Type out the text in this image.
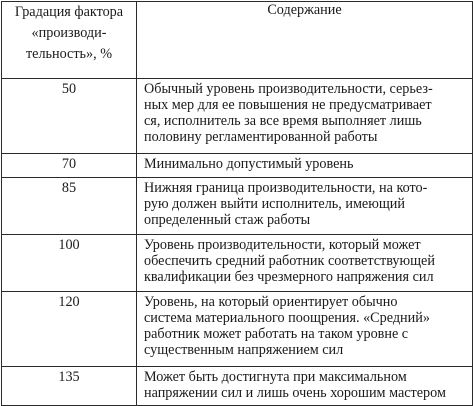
Градация фактора
«производи-
тельность», %	Содержание
50	Обычный уровень производительности, серьез-
ных мер для ее повышения не предусматривает
ся, исполнитель за все время выполняет лишь
половину регламентированной работы

70	Минимально допустимый уровень

85	Нижняя граница производительности, на кото-
рую должен выйти исполнитель, имеющий
определенный стаж работы

100	Уровень производительности, который может
обеспечить средний работник соответствующей
квалификации без чрезмерного напряжения сил

120	Уровень, на который ориентирует обычно
система материального поощрения. «Средний»
работник может работать на таком уровне с
существенным напряжением сил

135	Может быть достигнута при максимальном
напряжении сил и лишь очень хорошим мастером
